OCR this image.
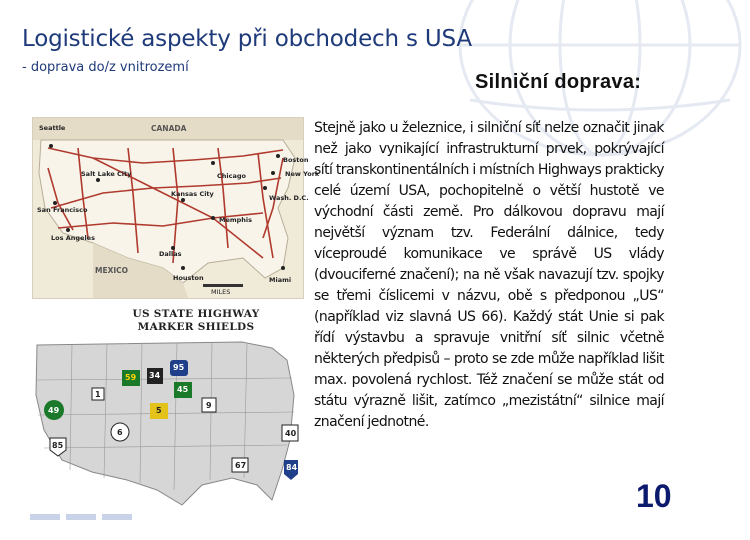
Logistické aspekty při obchodech s USA
- doprava do/z vnitrozemí
Silniční doprava:
CANADA
MEXICO
MILES
Seattle
Boston
New York
Chicago
Salt Lake City
San Francisco
Kansas City	Wash. D.C.
Los Angeles
Memphis
Dallas
Houston	Miami
US STATE HIGHWAY
MARKER SHIELDS
95
59 34
45
49	5
85
6	40
67	84
1
9
Stejně jako u železnice, i silniční síť nelze označit jinak než jako vynikající infrastrukturní prvek, pokrývající sítí transkontinentálních i místních Highways prakticky celé území USA, pochopitelně o větší hustotě ve východní části země. Pro dálkovou dopravu mají největší význam tzv. Federální dálnice, tedy víceproudé komunikace ve správě US vlády (dvouciferné značení); na ně však navazují tzv. spojky se třemi číslicemi v názvu, obě s předponou „US“ (například viz slavná US 66). Každý stát Unie si pak řídí výstavbu a spravuje vnitřní síť silnic včetně některých předpisů – proto se zde může například lišit max. povolená rychlost. Též značení se může stát od státu výrazně lišit, zatímco „mezistátní“ silnice mají značení jednotné.
10
